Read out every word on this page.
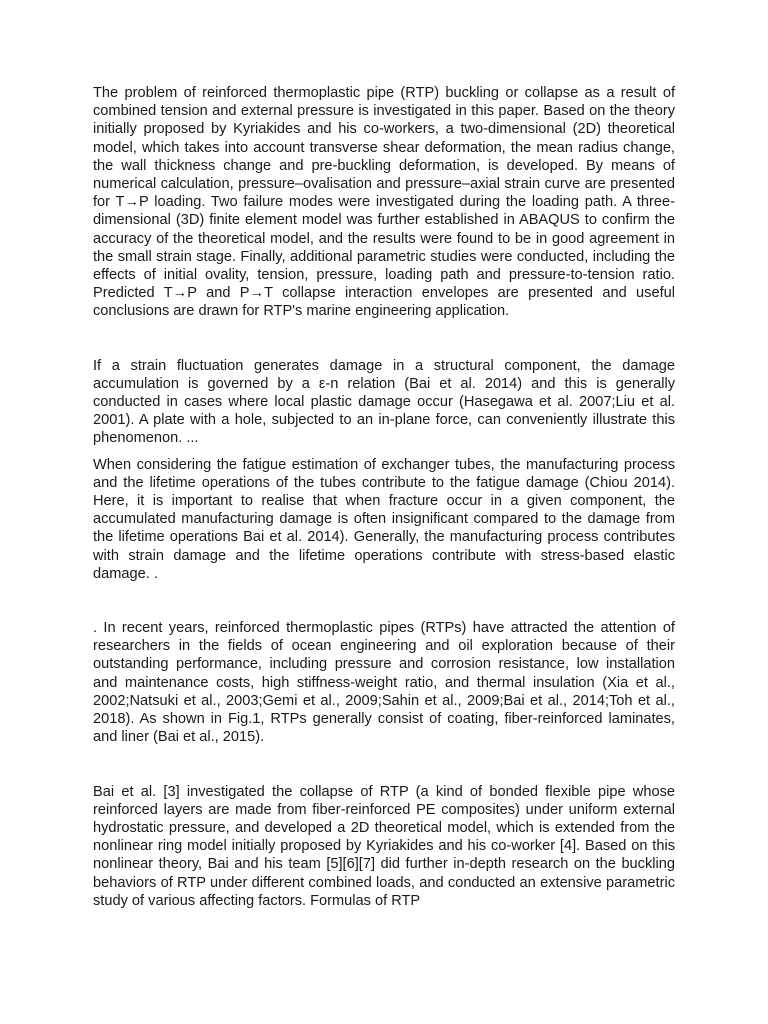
The problem of reinforced thermoplastic pipe (RTP) buckling or collapse as a result of combined tension and external pressure is investigated in this paper. Based on the theory initially proposed by Kyriakides and his co-workers, a two-dimensional (2D) theoretical model, which takes into account transverse shear deformation, the mean radius change, the wall thickness change and pre-buckling deformation, is developed. By means of numerical calculation, pressure–ovalisation and pressure–axial strain curve are presented for T→P loading. Two failure modes were investigated during the loading path. A three-dimensional (3D) finite element model was further established in ABAQUS to confirm the accuracy of the theoretical model, and the results were found to be in good agreement in the small strain stage. Finally, additional parametric studies were conducted, including the effects of initial ovality, tension, pressure, loading path and pressure-to-tension ratio. Predicted T→P and P→T collapse interaction envelopes are presented and useful conclusions are drawn for RTP's marine engineering application.

If a strain fluctuation generates damage in a structural component, the damage accumulation is governed by a ε-n relation (Bai et al. 2014) and this is generally conducted in cases where local plastic damage occur (Hasegawa et al. 2007;Liu et al. 2001). A plate with a hole, subjected to an in-plane force, can conveniently illustrate this phenomenon. ...

When considering the fatigue estimation of exchanger tubes, the manufacturing process and the lifetime operations of the tubes contribute to the fatigue damage (Chiou 2014). Here, it is important to realise that when fracture occur in a given component, the accumulated manufacturing damage is often insignificant compared to the damage from the lifetime operations Bai et al. 2014). Generally, the manufacturing process contributes with strain damage and the lifetime operations contribute with stress-based elastic damage. .

. In recent years, reinforced thermoplastic pipes (RTPs) have attracted the attention of researchers in the fields of ocean engineering and oil exploration because of their outstanding performance, including pressure and corrosion resistance, low installation and maintenance costs, high stiffness-weight ratio, and thermal insulation (Xia et al., 2002;Natsuki et al., 2003;Gemi et al., 2009;Sahin et al., 2009;Bai et al., 2014;Toh et al., 2018). As shown in Fig.1, RTPs generally consist of coating, fiber-reinforced laminates, and liner (Bai et al., 2015).

Bai et al. [3] investigated the collapse of RTP (a kind of bonded flexible pipe whose reinforced layers are made from fiber-reinforced PE composites) under uniform external hydrostatic pressure, and developed a 2D theoretical model, which is extended from the nonlinear ring model initially proposed by Kyriakides and his co-worker [4]. Based on this nonlinear theory, Bai and his team [5][6][7] did further in-depth research on the buckling behaviors of RTP under different combined loads, and conducted an extensive parametric study of various affecting factors. Formulas of RTP
